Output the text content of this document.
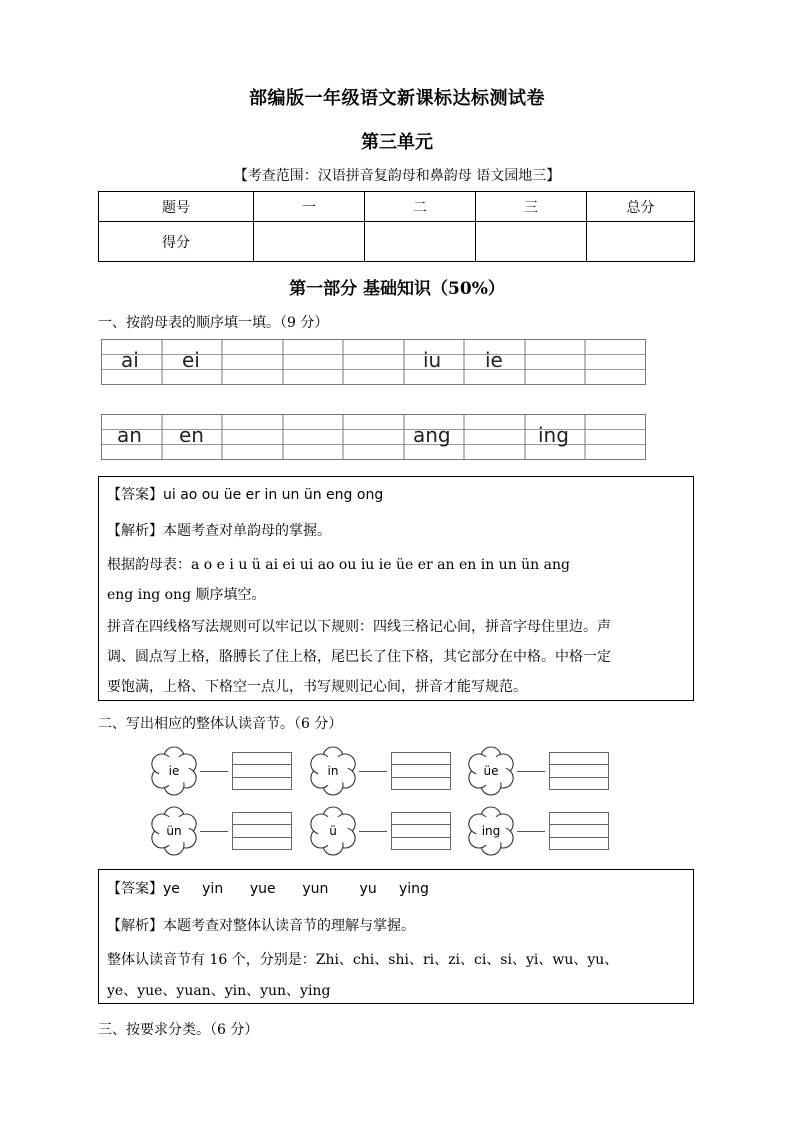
部编版一年级语文新课标达标测试卷
第三单元
【考查范围：汉语拼音复韵母和鼻韵母 语文园地三】
题号	一	二	三	总分
得分				
第一部分 基础知识（50%）
一、按韵母表的顺序填一填。（9 分）
ai ei	iu ie
an en	ang	ing
【答案】ui ao ou üe er in un ün eng ong
【解析】本题考查对单韵母的掌握。
根据韵母表：a o e i u ü ai ei ui ao ou iu ie üe er an en in un ün ang
eng ing ong 顺序填空。
拼音在四线格写法规则可以牢记以下规则：四线三格记心间，拼音字母住里边。声
调、圆点写上格，胳膊长了住上格，尾巴长了住下格，其它部分在中格。中格一定
要饱满，上格、下格空一点儿，书写规则记心间，拼音才能写规范。
二、写出相应的整体认读音节。（6 分）
ie	in	üe
ün	ü	ing
【答案】ye     yin      yue      yun       yu     ying
【解析】本题考查对整体认读音节的理解与掌握。
整体认读音节有 16 个，分别是：Zhi、chi、shi、ri、zi、ci、si、yi、wu、yu、
ye、yue、yuan、yin、yun、ying
三、按要求分类。（6 分）
